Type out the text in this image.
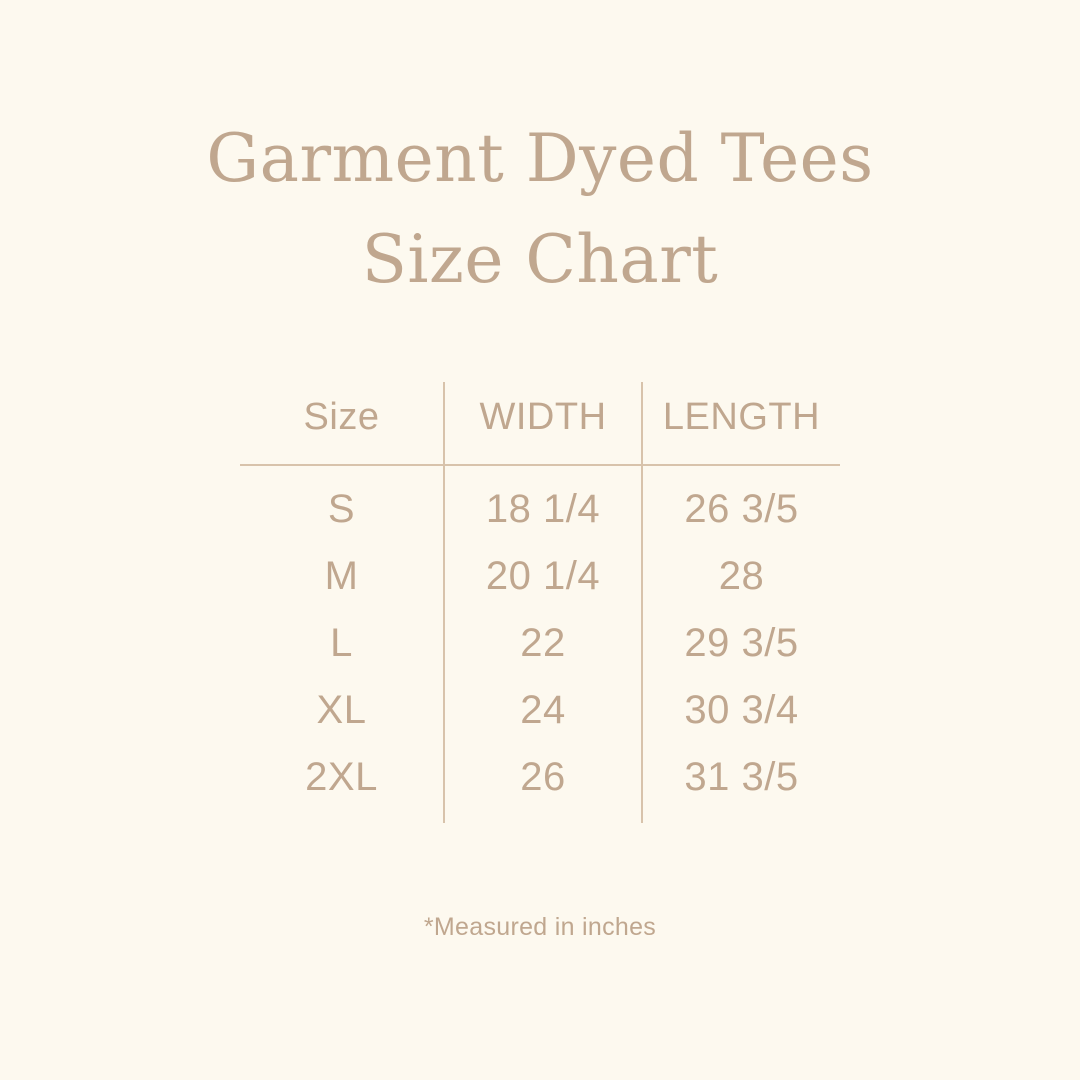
Garment Dyed Tees
Size Chart
Size	WIDTH	LENGTH
S	18 1/4	26 3/5
M	20 1/4	28
L	22	29 3/5
XL	24	30 3/4
2XL	26	31 3/5
*Measured in inches
